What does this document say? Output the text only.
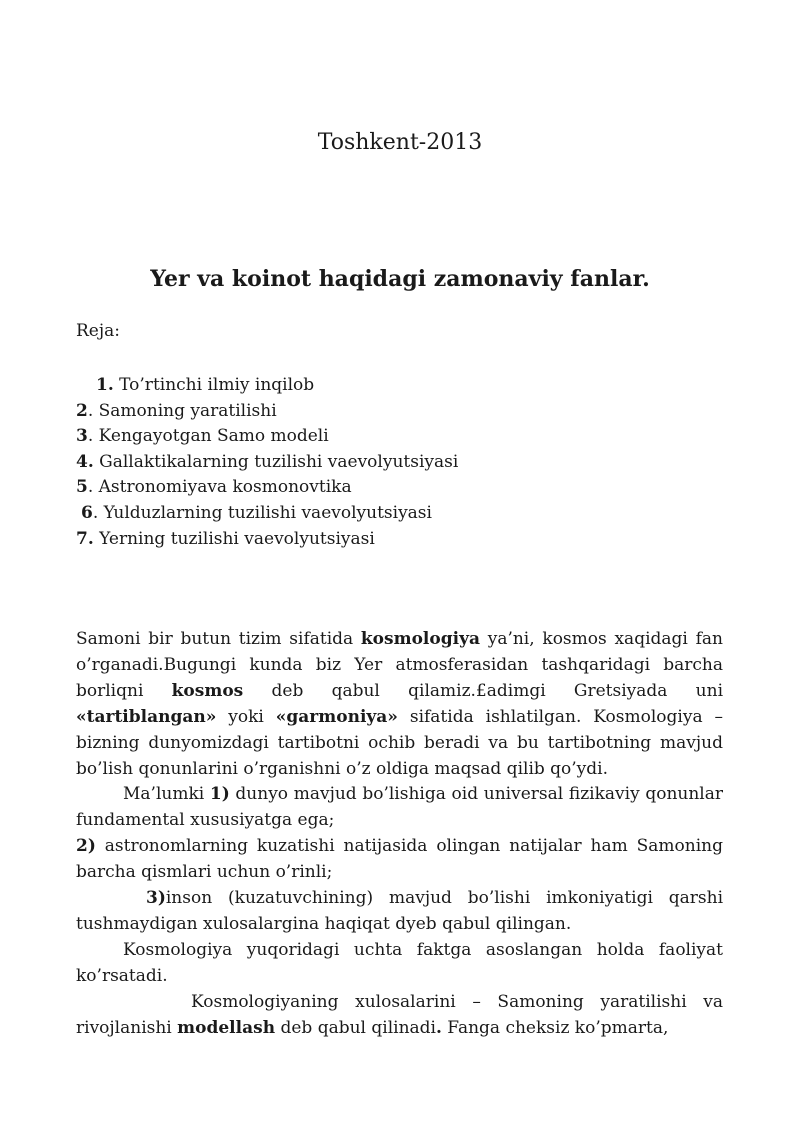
Toshkent-2013
Yer va koinot haqidagi zamonaviy fanlar.
Reja:
1. To’rtinchi ilmiy inqilob
2. Samoning yaratilishi
3. Kengayotgan Samo modeli
4. Gallaktikalarning tuzilishi vaevolyutsiyasi
5. Astronomiyava kosmonovtika
6. Yulduzlarning tuzilishi vaevolyutsiyasi
7. Yerning tuzilishi vaevolyutsiyasi

Samoni bir butun tizim sifatida kosmologiya ya’ni, kosmos xaqidagi fan o’rganadi.Bugungi kunda biz Yer atmosferasidan tashqaridagi barcha borliqni kosmos deb qabul qilamiz.£adimgi Gretsiyada uni «tartiblangan» yoki «garmoniya» sifatida ishlatilgan. Kosmologiya – bizning dunyomizdagi tartibotni ochib beradi va bu tartibotning mavjud bo’lish qonunlarini o’rganishni o’z oldiga maqsad qilib qo’ydi.

Ma’lumki 1) dunyo mavjud bo’lishiga oid universal fizikaviy qonunlar fundamental xususiyatga ega;

2) astronomlarning kuzatishi natijasida olingan natijalar ham Samoning barcha qismlari uchun o’rinli;

3)inson (kuzatuvchining) mavjud bo’lishi imkoniyatigi qarshi tushmaydigan xulosalargina haqiqat dyeb qabul qilingan.

Kosmologiya yuqoridagi uchta faktga asoslangan holda faoliyat ko’rsatadi.

Kosmologiyaning xulosalarini – Samoning yaratilishi va rivojlanishi modellash deb qabul qilinadi. Fanga cheksiz ko’pmarta,
